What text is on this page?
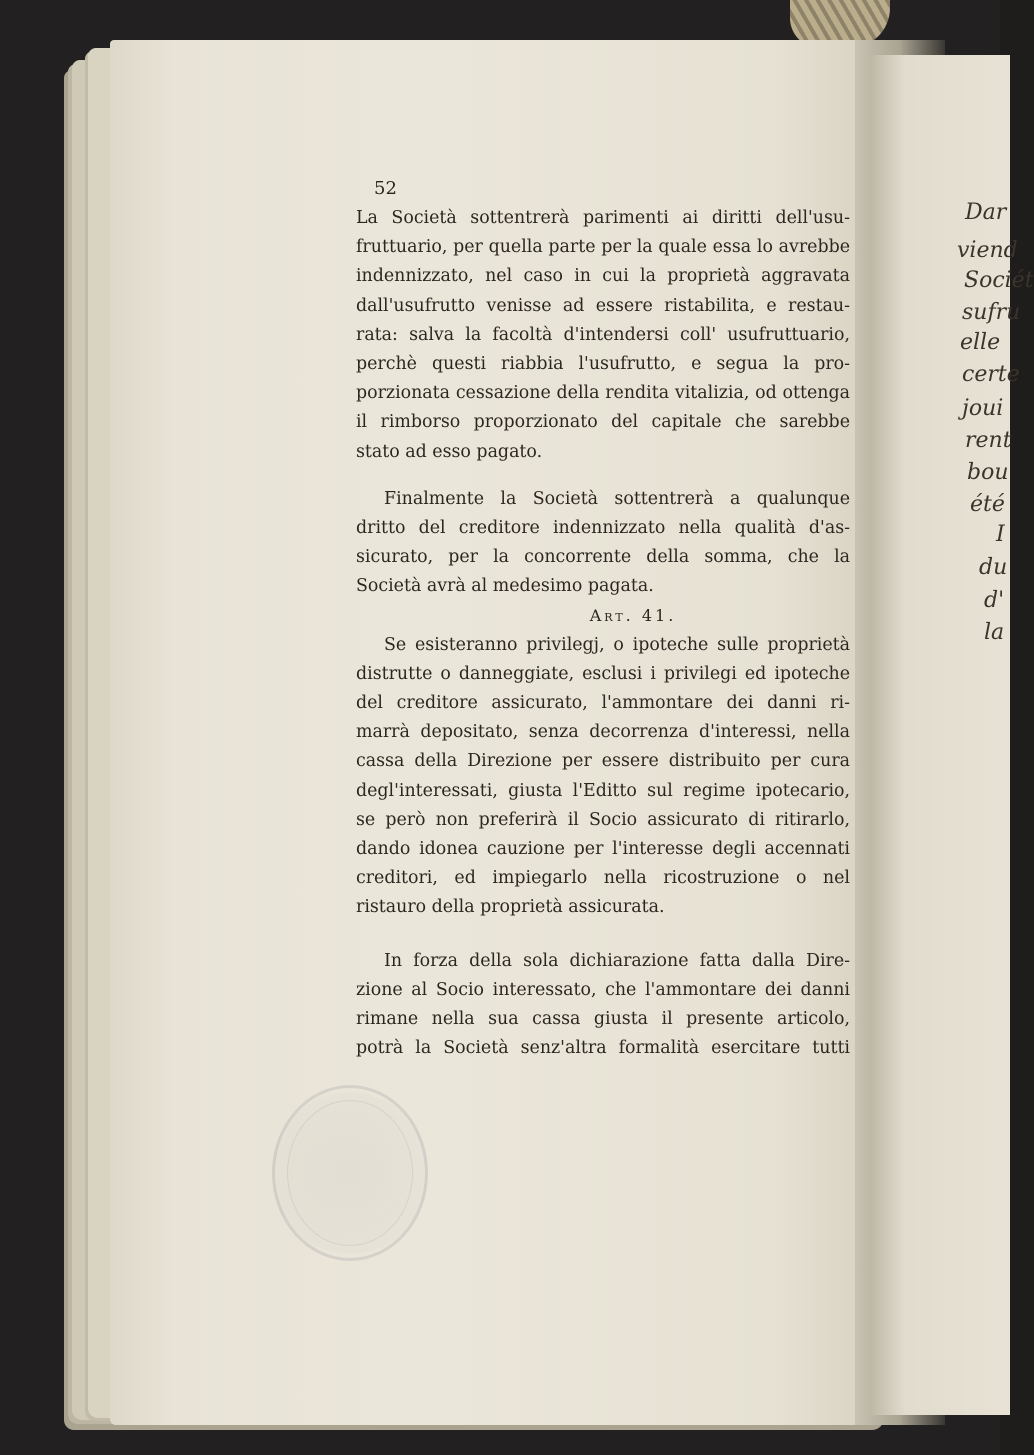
Dar
viend
Sociét
sufru
elle
certe
joui
rent
bou
été
I
du
d'
la
52
La Società sottentrerà parimenti ai diritti dell'usu-
fruttuario, per quella parte per la quale essa lo avrebbe
indennizzato, nel caso in cui la proprietà aggravata
dall'usufrutto venisse ad essere ristabilita, e restau-
rata: salva la facoltà d'intendersi coll' usufruttuario,
perchè questi riabbia l'usufrutto, e segua la pro-
porzionata cessazione della rendita vitalizia, od ottenga
il rimborso proporzionato del capitale che sarebbe
stato ad esso pagato.
Finalmente la Società sottentrerà a qualunque
dritto del creditore indennizzato nella qualità d'as-
sicurato, per la concorrente della somma, che la
Società avrà al medesimo pagata.
Art. 41.
Se esisteranno privilegj, o ipoteche sulle proprietà
distrutte o danneggiate, esclusi i privilegi ed ipoteche
del creditore assicurato, l'ammontare dei danni ri-
marrà depositato, senza decorrenza d'interessi, nella
cassa della Direzione per essere distribuito per cura
degl'interessati, giusta l'Editto sul regime ipotecario,
se però non preferirà il Socio assicurato di ritirarlo,
dando idonea cauzione per l'interesse degli accennati
creditori, ed impiegarlo nella ricostruzione o nel
ristauro della proprietà assicurata.
In forza della sola dichiarazione fatta dalla Dire-
zione al Socio interessato, che l'ammontare dei danni
rimane nella sua cassa giusta il presente articolo,
potrà la Società senz'altra formalità esercitare tutti
